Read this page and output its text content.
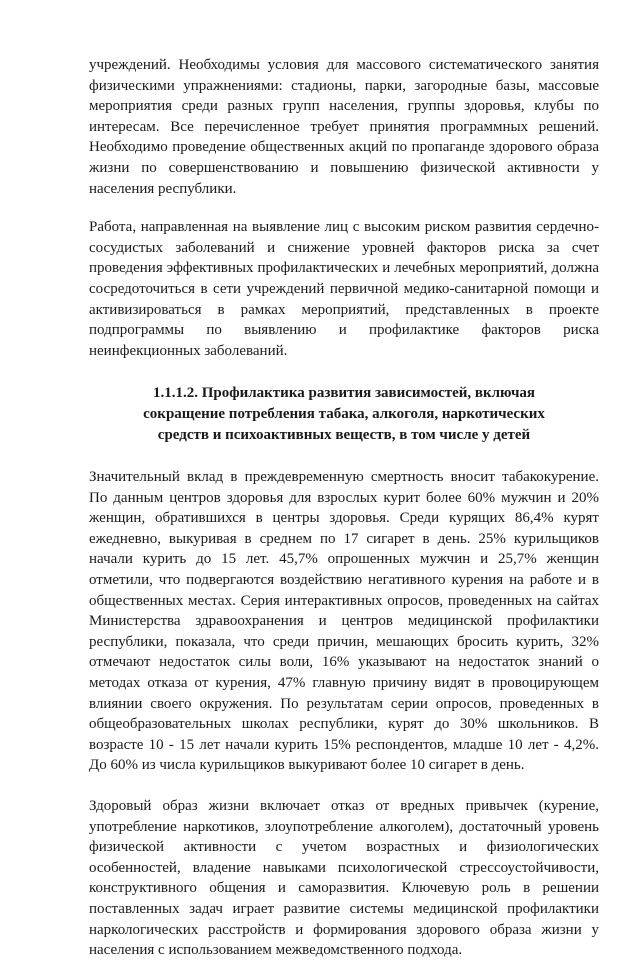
учреждений. Необходимы условия для массового систематического занятия физическими упражнениями: стадионы, парки, загородные базы, массовые мероприятия среди разных групп населения, группы здоровья, клубы по интересам. Все перечисленное требует принятия программных решений. Необходимо проведение общественных акций по пропаганде здорового образа жизни по совершенствованию и повышению физической активности у населения республики.

Работа, направленная на выявление лиц с высоким риском развития сердечно-сосудистых заболеваний и снижение уровней факторов риска за счет проведения эффективных профилактических и лечебных мероприятий, должна сосредоточиться в сети учреждений первичной медико-санитарной помощи и активизироваться в рамках мероприятий, представленных в проекте подпрограммы по выявлению и профилактике факторов риска неинфекционных заболеваний.

1.1.1.2. Профилактика развития зависимостей, включая сокращение потребления табака, алкоголя, наркотических средств и психоактивных веществ, в том числе у детей

Значительный вклад в преждевременную смертность вносит табакокурение. По данным центров здоровья для взрослых курит более 60% мужчин и 20% женщин, обратившихся в центры здоровья. Среди курящих 86,4% курят ежедневно, выкуривая в среднем по 17 сигарет в день. 25% курильщиков начали курить до 15 лет. 45,7% опрошенных мужчин и 25,7% женщин отметили, что подвергаются воздействию негативного курения на работе и в общественных местах. Серия интерактивных опросов, проведенных на сайтах Министерства здравоохранения и центров медицинской профилактики республики, показала, что среди причин, мешающих бросить курить, 32% отмечают недостаток силы воли, 16% указывают на недостаток знаний о методах отказа от курения, 47% главную причину видят в провоцирующем влиянии своего окружения. По результатам серии опросов, проведенных в общеобразовательных школах республики, курят до 30% школьников. В возрасте 10 - 15 лет начали курить 15% респондентов, младше 10 лет - 4,2%. До 60% из числа курильщиков выкуривают более 10 сигарет в день.

Здоровый образ жизни включает отказ от вредных привычек (курение, употребление наркотиков, злоупотребление алкоголем), достаточный уровень физической активности с учетом возрастных и физиологических особенностей, владение навыками психологической стрессоустойчивости, конструктивного общения и саморазвития. Ключевую роль в решении поставленных задач играет развитие системы медицинской профилактики наркологических расстройств и формирования здорового образа жизни у населения с использованием межведомственного подхода.
